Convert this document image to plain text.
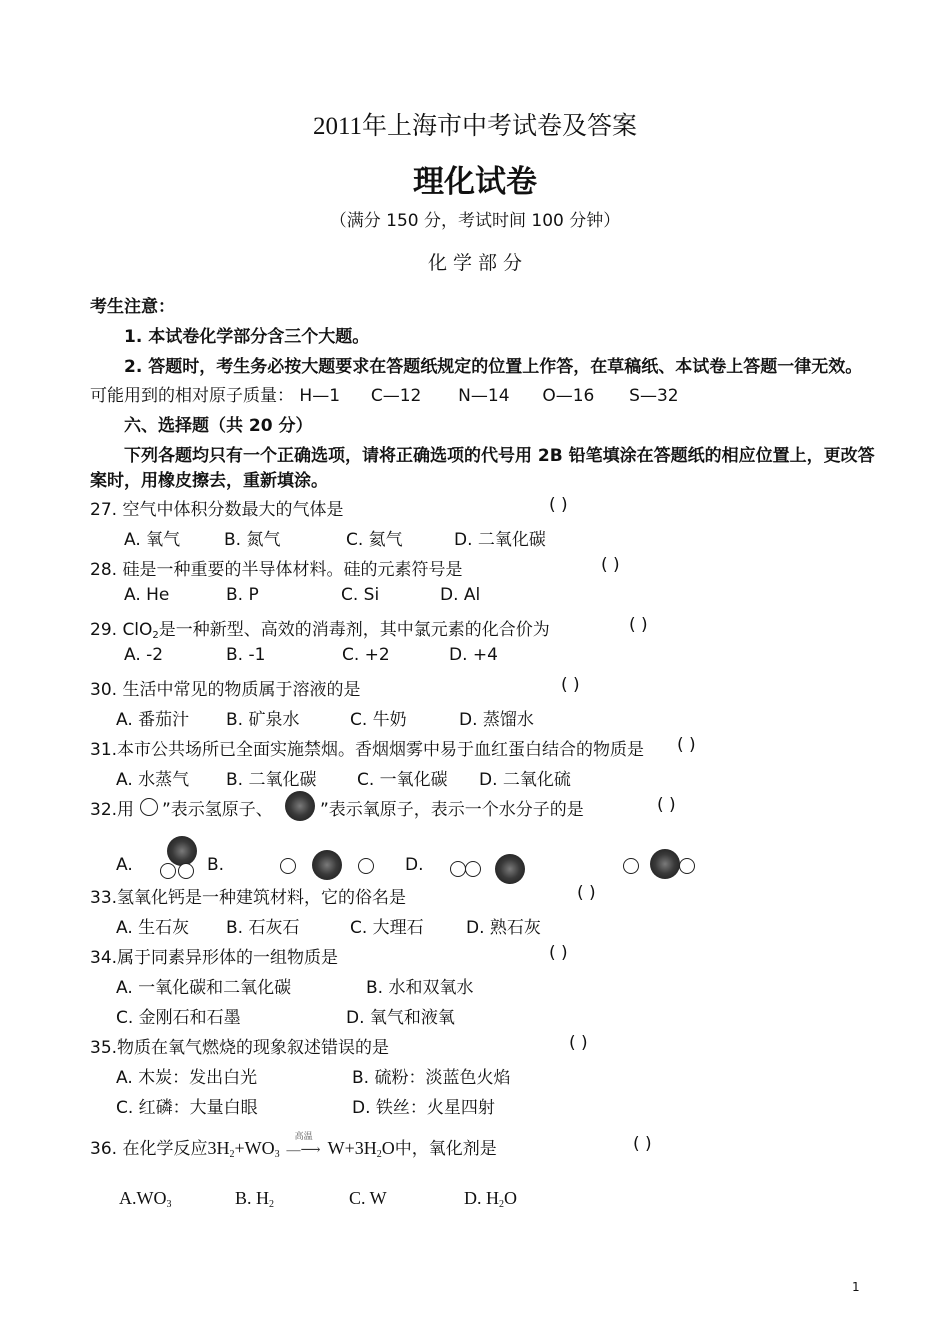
2011年上海市中考试卷及答案
理化试卷
（满分 150 分，考试时间 100 分钟）
化 学 部 分
考生注意：
1. 本试卷化学部分含三个大题。
2. 答题时，考生务必按大题要求在答题纸规定的位置上作答，在草稿纸、本试卷上答题一律无效。
可能用到的相对原子质量： H—1 C—12 N—14 O—16 S—32
六、选择题（共 20 分）
下列各题均只有一个正确选项，请将正确选项的代号用 2B 铅笔填涂在答题纸的相应位置上，更改答
案时，用橡皮擦去，重新填涂。
27. 空气中体积分数最大的气体是	( )
A. 氧气	B. 氮气	C. 氦气	D. 二氧化碳
28. 硅是一种重要的半导体材料。硅的元素符号是	( )
A. He	B. P	C. Si	D. Al
29. ClO$_2$是一种新型、高效的消毒剂，其中氯元素的化合价为	( )
A. -2	B. -1	C. +2	D. +4
30. 生活中常见的物质属于溶液的是	( )
A. 番茄汁 B. 矿泉水	C. 牛奶	D. 蒸馏水
31.本市公共场所已全面实施禁烟。香烟烟雾中易于血红蛋白结合的物质是 ( )
A. 水蒸气 B. 二氧化碳 C. 一氧化碳 D. 二氧化硫
32.用 ”表示氢原子、	”表示氧原子，表示一个水分子的是	( )
A.	B.	D.
33.氢氧化钙是一种建筑材料，它的俗名是	( )
A. 生石灰 B. 石灰石	C. 大理石 D. 熟石灰
34.属于同素异形体的一组物质是	( )
A. 一氧化碳和二氧化碳	B. 水和双氧水
C. 金刚石和石墨	D. 氧气和液氧
35.物质在氧气燃烧的现象叙述错误的是	( )
A. 木炭：发出白光	B. 硫粉：淡蓝色火焰
C. 红磷：大量白眼	D. 铁丝：火星四射
36. 在化学反应$3H_2+WO_3$
高温
—⟶ $W+3H_2O$中，氧化剂是	( )
$A.WO_3$	B. $H_2$	C. W	D. $H_2O$
1
